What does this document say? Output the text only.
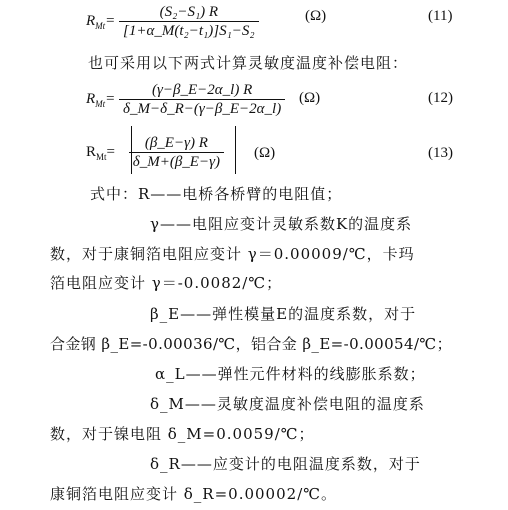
$R_{Mt}= \frac{\text{(S₂−S₁) R}}{\text{[1+α\_M(t₂−t₁)]S₁−S₂}}$	(Ω)	(11)
也可采用以下两式计算灵敏度温度补偿电阻：
$R_{Mt}= \frac{(\gamma-\beta\_E-2\alpha\_l) R}{\delta\_M-\delta\_R-(\gamma-\beta\_E-2\alpha\_l)} (\Omega)$	(12)
$R_{Mt}= \frac{(\beta\_E-\gamma) R}{\delta\_M+(\beta\_E-\gamma)} (\Omega)$	(13)
式中：R——电桥各桥臂的电阻值；
γ——电阻应变计灵敏系数K的温度系
数，对于康铜箔电阻应变计 γ＝0.00009/℃，卡玛
箔电阻应变计 γ＝-0.0082/℃；
β_E——弹性模量E的温度系数，对于
合金钢 β_E=-0.00036/℃，铝合金 β_E=-0.00054/℃；
α_L——弹性元件材料的线膨胀系数；
δ_M——灵敏度温度补偿电阻的温度系
数，对于镍电阻 δ_M=0.0059/℃；
δ_R——应变计的电阻温度系数，对于
康铜箔电阻应变计 δ_R=0.00002/℃。
